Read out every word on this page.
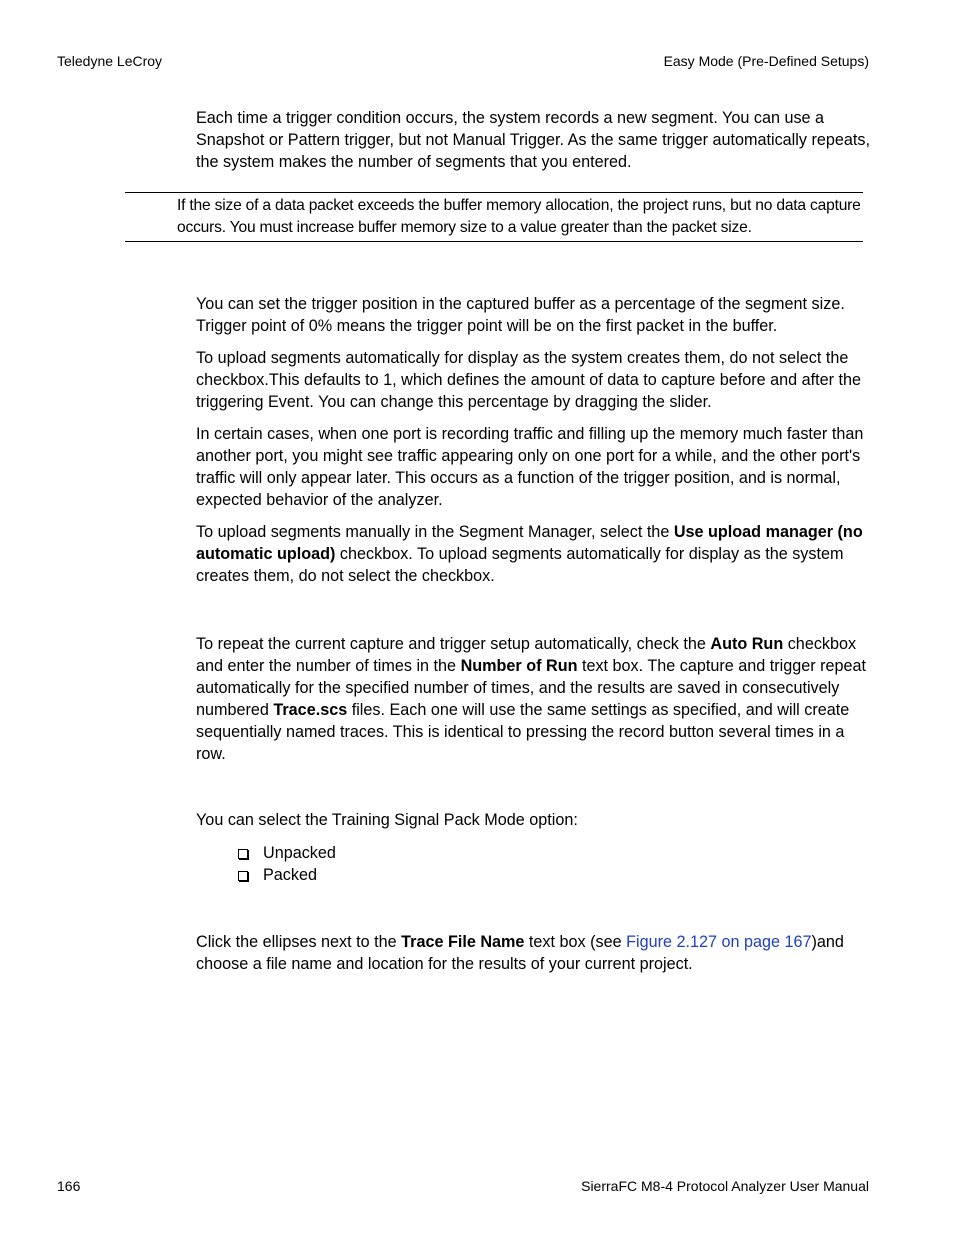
Teledyne LeCroy	Easy Mode (Pre-Defined Setups)

Each time a trigger condition occurs, the system records a new segment. You can use a Snapshot or Pattern trigger, but not Manual Trigger. As the same trigger automatically repeats, the system makes the number of segments that you entered.

If the size of a data packet exceeds the buffer memory allocation, the project runs, but no data capture occurs. You must increase buffer memory size to a value greater than the packet size.

You can set the trigger position in the captured buffer as a percentage of the segment size. Trigger point of 0% means the trigger point will be on the first packet in the buffer.

To upload segments automatically for display as the system creates them, do not select the checkbox.This defaults to 1, which defines the amount of data to capture before and after the triggering Event. You can change this percentage by dragging the slider.

In certain cases, when one port is recording traffic and filling up the memory much faster than another port, you might see traffic appearing only on one port for a while, and the other port's traffic will only appear later. This occurs as a function of the trigger position, and is normal, expected behavior of the analyzer.

To upload segments manually in the Segment Manager, select the Use upload manager (no automatic upload) checkbox. To upload segments automatically for display as the system creates them, do not select the checkbox.

To repeat the current capture and trigger setup automatically, check the Auto Run checkbox and enter the number of times in the Number of Run text box. The capture and trigger repeat automatically for the specified number of times, and the results are saved in consecutively numbered Trace.scs files. Each one will use the same settings as specified, and will create sequentially named traces. This is identical to pressing the record button several times in a row.

You can select the Training Signal Pack Mode option:

Unpacked
Packed

Click the ellipses next to the Trace File Name text box (see Figure 2.127 on page 167)and choose a file name and location for the results of your current project.

166	SierraFC M8-4 Protocol Analyzer User Manual
